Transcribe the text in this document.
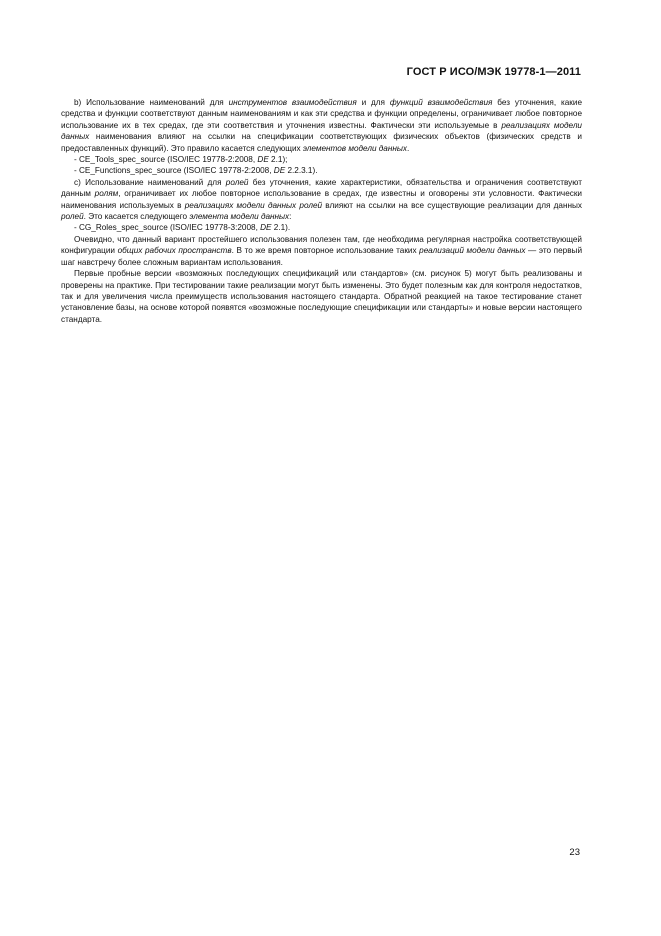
ГОСТ Р ИСО/МЭК 19778-1—2011

b) Использование наименований для инструментов взаимодействия и для функций взаимодействия без уточнения, какие средства и функции соответствуют данным наименованиям и как эти средства и функции определены, ограничивает любое повторное использование их в тех средах, где эти соответствия и уточнения известны. Фактически эти используемые в реализациях модели данных наименования влияют на ссылки на спецификации соответствующих физических объектов (физических средств и предоставленных функций). Это правило касается следующих элементов модели данных.

- CE_Tools_spec_source (ISO/IEC 19778-2:2008, DE 2.1);

- CE_Functions_spec_source (ISO/IEC 19778-2:2008, DE 2.2.3.1).

c) Использование наименований для ролей без уточнения, какие характеристики, обязательства и ограничения соответствуют данным ролям, ограничивает их любое повторное использование в средах, где известны и оговорены эти условности. Фактически наименования используемых в реализациях модели данных ролей влияют на ссылки на все существующие реализации для данных ролей. Это касается следующего элемента модели данных:

- CG_Roles_spec_source (ISO/IEC 19778-3:2008, DE 2.1).

Очевидно, что данный вариант простейшего использования полезен там, где необходима регулярная настройка соответствующей конфигурации общих рабочих пространств. В то же время повторное использование таких реализаций модели данных — это первый шаг навстречу более сложным вариантам использования.

Первые пробные версии «возможных последующих спецификаций или стандартов» (см. рисунок 5) могут быть реализованы и проверены на практике. При тестировании такие реализации могут быть изменены. Это будет полезным как для контроля недостатков, так и для увеличения числа преимуществ использования настоящего стандарта. Обратной реакцией на такое тестирование станет установление базы, на основе которой появятся «возможные последующие спецификации или стандарты» и новые версии настоящего стандарта.

23
